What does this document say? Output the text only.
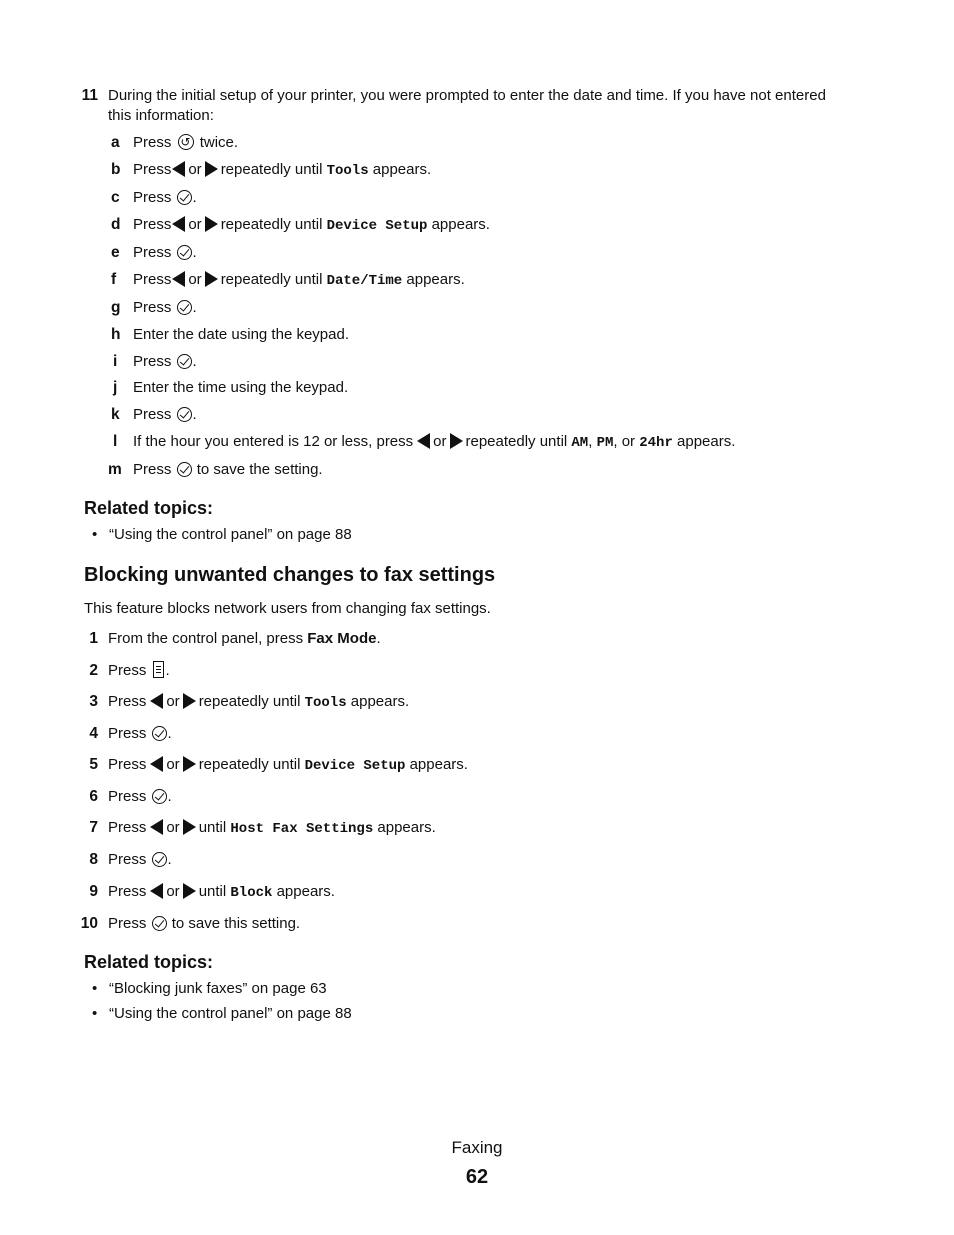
11 During the initial setup of your printer, you were prompted to enter the date and time. If you have not entered
this information:
a Press ↺ twice.
b Press or repeatedly until Tools appears.
c Press .
d Press or repeatedly until Device Setup appears.
e Press .
f Press or repeatedly until Date/Time appears.
g Press .
h Enter the date using the keypad.
i Press .
j Enter the time using the keypad.
k Press .
l If the hour you entered is 12 or less, press or repeatedly until AM, PM, or 24hr appears.
m Press to save the setting.
Related topics:
• “Using the control panel” on page 88
Blocking unwanted changes to fax settings
This feature blocks network users from changing fax settings.
1 From the control panel, press Fax Mode.
2 Press .
3 Press or repeatedly until Tools appears.
4 Press .
5 Press or repeatedly until Device Setup appears.
6 Press .
7 Press or until Host Fax Settings appears.
8 Press .
9 Press or until Block appears.
10 Press to save this setting.
Related topics:
• “Blocking junk faxes” on page 63
• “Using the control panel” on page 88
Faxing
62
